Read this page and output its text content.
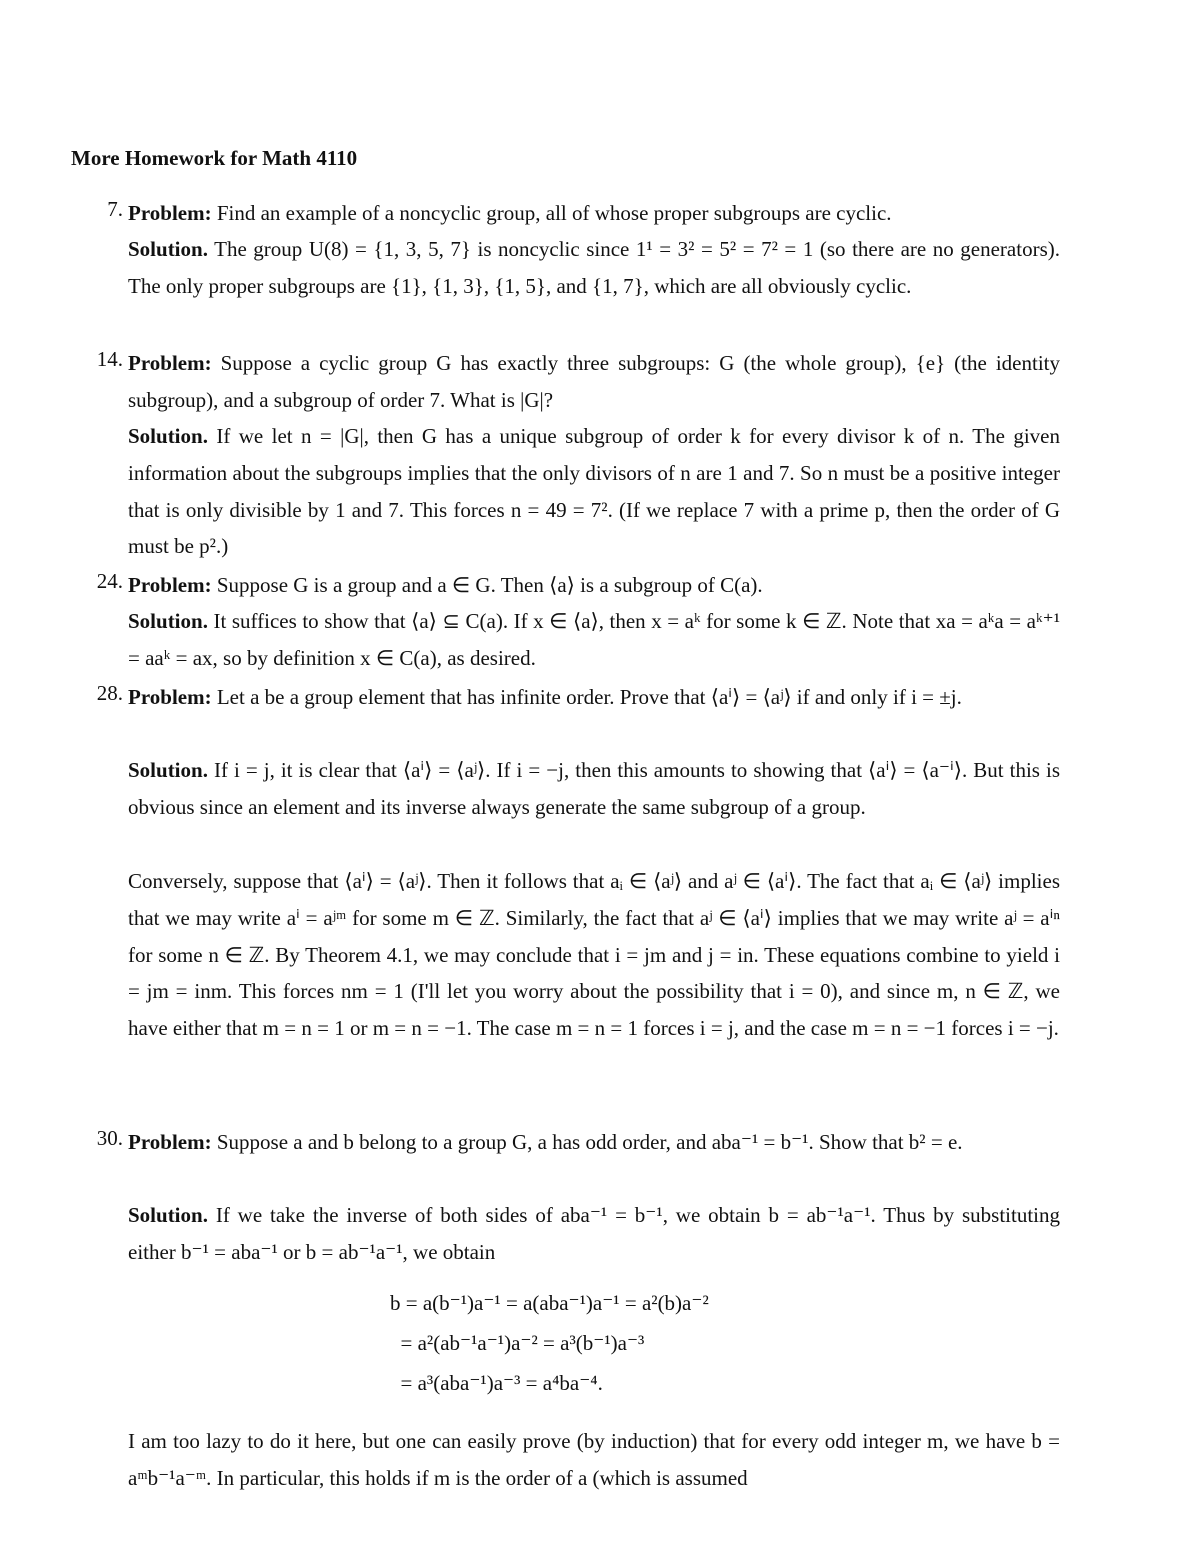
More Homework for Math 4110
7. Problem: Find an example of a noncyclic group, all of whose proper subgroups are cyclic.
Solution. The group U(8) = {1, 3, 5, 7} is noncyclic since 1¹ = 3² = 5² = 7² = 1 (so there are no generators). The only proper subgroups are {1}, {1, 3}, {1, 5}, and {1, 7}, which are all obviously cyclic.
14. Problem: Suppose a cyclic group G has exactly three subgroups: G (the whole group), {e} (the identity subgroup), and a subgroup of order 7. What is |G|?
Solution. If we let n = |G|, then G has a unique subgroup of order k for every divisor k of n. The given information about the subgroups implies that the only divisors of n are 1 and 7. So n must be a positive integer that is only divisible by 1 and 7. This forces n = 49 = 7². (If we replace 7 with a prime p, then the order of G must be p².)
24. Problem: Suppose G is a group and a ∈ G. Then ⟨a⟩ is a subgroup of C(a).
Solution. It suffices to show that ⟨a⟩ ⊆ C(a). If x ∈ ⟨a⟩, then x = aᵏ for some k ∈ ℤ. Note that xa = aᵏa = aᵏ⁺¹ = aaᵏ = ax, so by definition x ∈ C(a), as desired.
28. Problem: Let a be a group element that has infinite order. Prove that ⟨aⁱ⟩ = ⟨aʲ⟩ if and only if i = ±j.
Solution. If i = j, it is clear that ⟨aⁱ⟩ = ⟨aʲ⟩. If i = −j, then this amounts to showing that ⟨aⁱ⟩ = ⟨a⁻ⁱ⟩. But this is obvious since an element and its inverse always generate the same subgroup of a group.
Conversely, suppose that ⟨aⁱ⟩ = ⟨aʲ⟩. Then it follows that aᵢ ∈ ⟨aʲ⟩ and aʲ ∈ ⟨aⁱ⟩. The fact that aᵢ ∈ ⟨aʲ⟩ implies that we may write aⁱ = aʲᵐ for some m ∈ ℤ. Similarly, the fact that aʲ ∈ ⟨aⁱ⟩ implies that we may write aʲ = aⁱⁿ for some n ∈ ℤ. By Theorem 4.1, we may conclude that i = jm and j = in. These equations combine to yield i = jm = inm. This forces nm = 1 (I'll let you worry about the possibility that i = 0), and since m, n ∈ ℤ, we have either that m = n = 1 or m = n = −1. The case m = n = 1 forces i = j, and the case m = n = −1 forces i = −j.
30. Problem: Suppose a and b belong to a group G, a has odd order, and aba⁻¹ = b⁻¹. Show that b² = e.
Solution. If we take the inverse of both sides of aba⁻¹ = b⁻¹, we obtain b = ab⁻¹a⁻¹. Thus by substituting either b⁻¹ = aba⁻¹ or b = ab⁻¹a⁻¹, we obtain
b = a(b⁻¹)a⁻¹ = a(aba⁻¹)a⁻¹ = a²(b)a⁻²
= a²(ab⁻¹a⁻¹)a⁻² = a³(b⁻¹)a⁻³
= a³(aba⁻¹)a⁻³ = a⁴ba⁻⁴.
I am too lazy to do it here, but one can easily prove (by induction) that for every odd integer m, we have b = aᵐb⁻¹a⁻ᵐ. In particular, this holds if m is the order of a (which is assumed
